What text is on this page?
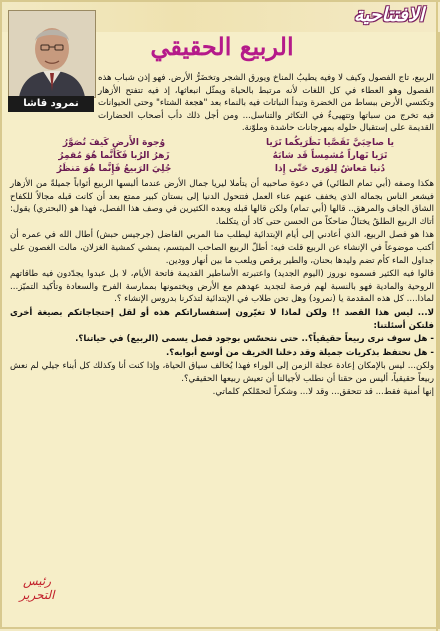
الافتتاحية
نمرود قاشا
الربيع الحقيقي

الربيع، تاج الفصول وكيف لا وفيه يطيبُ المناخ ويورق الشجر وتخضَرُّ الأرض. فهو إذن شباب هذه الفصول وهو العطاء في كل اللغات لأنه مرتبط بالحياة ويمثّل انبعاثها، إذ فيه تتفتح الأزهار وتكتسي الأرض ببساط من الخضرة وتبدأ النباتات فيه بالنماء بعد "هجعة الشتاء" وحتى الحيوانات فيه تخرج من سباتها وتتهيىءُ في التكاثر والتناسل... ومن أجل ذلك دأب أصحاب الحضارات القديمة على إستقبال حلوله بمهرجانات حاشدة وملوّنة.

يا صاحِبَيَّ تَقَصَّيا نَظَرَيكُما تَرَيا
وُجوهَ الأَرضِ كَيفَ تُصَوَّرُ
تَرَيا نَهاراً مُشمِساً قَد شابَهُ
زَهرُ الرُبا فَكَأَنَّما هُوَ مُقمِرُ
دُنيا مَعاشٌ لِلوَرى حَتّى إِذا
جُلِيَ الرَبيعُ فَإِنَّما هُوَ مَنظَرُ

هكذا وصفه (أبي تمام الطائي) في دعوة صاحبيه أن يتأملا ليريا جمال الأرض عندما ألبسها الربيع أثواباً جميلةً من الأزهار فيشعر الناس بجماله الذي يخفف عنهم عناء العمل فتتحول الدنيا إلى بستان كبير ممتع بعد أن كانت قبله مجالاً للكفاح الشاق الجاف والمرهق.. قالها (أبي تمام) ولكن قالها قبله وبعده الكثيرين في وصف هذا الفصل، فهذا هو (البحتري) يقول: أتاك الربيع الطلقُ يختالُ ضاحكاً من الحسن حتى كاد أن يتكلما.

هذا هو فصل الربيع، الذي أعادني إلى أيام الإبتدائية ليطلب منا المربي الفاضل (جرجيس حبش) أطال الله في عمره أن أكتب موضوعاً في الإنشاء عن الربيع قلت فيه: أطلّ الربيع الصاحب المبتسم، يمشي كمشية الغزلان، مالت الغصون على جداول الماء كأم تضم وليدها بحنان، والطير يرقص ويلعب ما بين أنهار وودين.

قالوا فيه الكثير فسموه نوروز (اليوم الجديد) واعتبرته الأساطير القديمة فاتحة الأيام، لا بل عبدوا يجدّدون فيه طاقاتهم الروحية والمادية فهو بالنسبة لهم فرصة لتجديد عهدهم مع الأرض ويختمونها بممارسة الفرح والسعادة وتأكيد التميّز... لماذا.... كل هذه المقدمة يا (نمرود) وهل تحن طلاب في الإبتدائية لتذكرنا بدروس الإنشاء ؟.

لا... ليس هذا القصد !! ولكن لماذا لا تغيّرون إستفساراتكم هذه أو لقل إحتجاجاتكم بصيغة أخرى فلتكن أسئلتنا:

- هل سوف نرى ربيعاً حقيقياً؟.. حتى نتحسّس بوجود فصل يسمى (الربيع) في حياتنا؟.

- هل نحتفظ بذكريات جميلة وقد دخلنا الخريف من أوسع أبوابه؟.

ولكن... ليس بالإمكان إعادة عجلة الزمن إلى الوراء فهذا يُخالف سياق الحياة، وإذا كنت أنا وكذلك كل أبناء جيلي لم نعش ربيعاً حقيقياً، أليس من حقنا أن نطلب لأجيالنا أن تعيش ربيعها الحقيقي؟.

إنها أمنية فقط... قد تتحقق... وقد لا... وشكراً لتحمّلكم كلماتي.

رئيس التحرير
